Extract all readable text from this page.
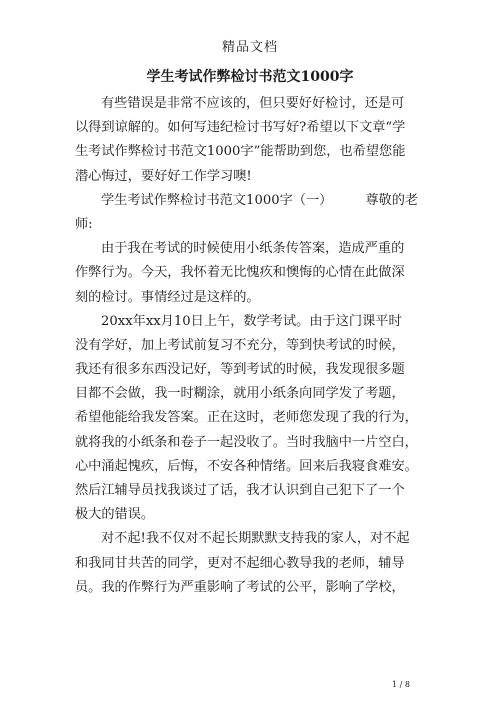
精品文档
学生考试作弊检讨书范文1000字
有些错误是非常不应该的，但只要好好检讨，还是可
以得到谅解的。如何写违纪检讨书写好?希望以下文章“学
生考试作弊检讨书范文1000字”能帮助到您，也希望您能
潜心悔过，要好好工作学习噢!
学生考试作弊检讨书范文1000字（一）　　　尊敬的老
师:
由于我在考试的时候使用小纸条传答案，造成严重的
作弊行为。今天，我怀着无比愧疚和懊悔的心情在此做深
刻的检讨。事情经过是这样的。
20xx年xx月10日上午，数学考试。由于这门课平时
没有学好，加上考试前复习不充分，等到快考试的时候，
我还有很多东西没记好，等到考试的时候，我发现很多题
目都不会做，我一时糊涂，就用小纸条向同学发了考题，
希望他能给我发答案。正在这时，老师您发现了我的行为，
就将我的小纸条和卷子一起没收了。当时我脑中一片空白，
心中涌起愧疚，后悔，不安各种情绪。回来后我寝食难安。
然后江辅导员找我谈过了话，我才认识到自己犯下了一个
极大的错误。
对不起!我不仅对不起长期默默支持我的家人，对不起
和我同甘共苦的同学，更对不起细心教导我的老师，辅导
员。我的作弊行为严重影响了考试的公平，影响了学校，
1 / 8
